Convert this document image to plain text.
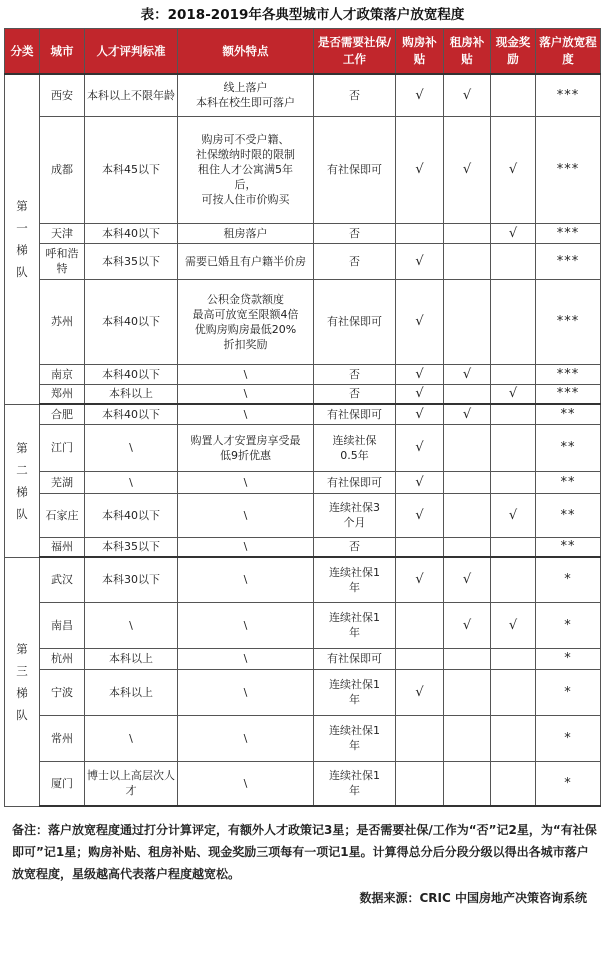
表：2018-2019年各典型城市人才政策落户放宽程度
分类	城市	人才评判标准	额外特点	是否需要社保/工作	购房补贴	租房补贴	现金奖励	落户放宽程度
第
一
梯
队	西安	本科以上不限年龄	线上落户
本科在校生即可落户	否	√	√		***
	成都	本科45以下	购房可不受户籍、
社保缴纳时限的限制
租住人才公寓满5年
后，
可按人住市价购买	有社保即可	√	√	√	***
	天津	本科40以下	租房落户	否			√	***
	呼和浩特	本科35以下	需要已婚且有户籍半价房	否	√			***
	苏州	本科40以下	公积金贷款额度
最高可放宽至限额4倍
优购房购房最低20%
折扣奖励	有社保即可	√			***
	南京	本科40以下	\	否	√	√		***
	郑州	本科以上	\	否	√		√	***
第
二
梯
队	合肥	本科40以下	\	有社保即可	√	√		**
	江门	\	购置人才安置房享受最
低9折优惠	连续社保
0.5年	√			**
	芜湖	\	\	有社保即可	√			**
	石家庄	本科40以下	\	连续社保3
个月	√		√	**
	福州	本科35以下	\	否				**
第
三
梯
队	武汉	本科30以下	\	连续社保1
年	√	√		*
	南昌	\	\	连续社保1
年		√	√	*
	杭州	本科以上	\	有社保即可				*
	宁波	本科以上	\	连续社保1
年	√			*
	常州	\	\	连续社保1
年				*
	厦门	博士以上高层次人才	\	连续社保1
年				*
备注：落户放宽程度通过打分计算评定，有额外人才政策记3星；是否需要社保/工作为“否”记2星，为“有社保即可”记1星；购房补贴、租房补贴、现金奖励三项每有一项记1星。计算得总分后分段分级以得出各城市落户放宽程度，星级越高代表落户程度越宽松。
数据来源：CRIC 中国房地产决策咨询系统
